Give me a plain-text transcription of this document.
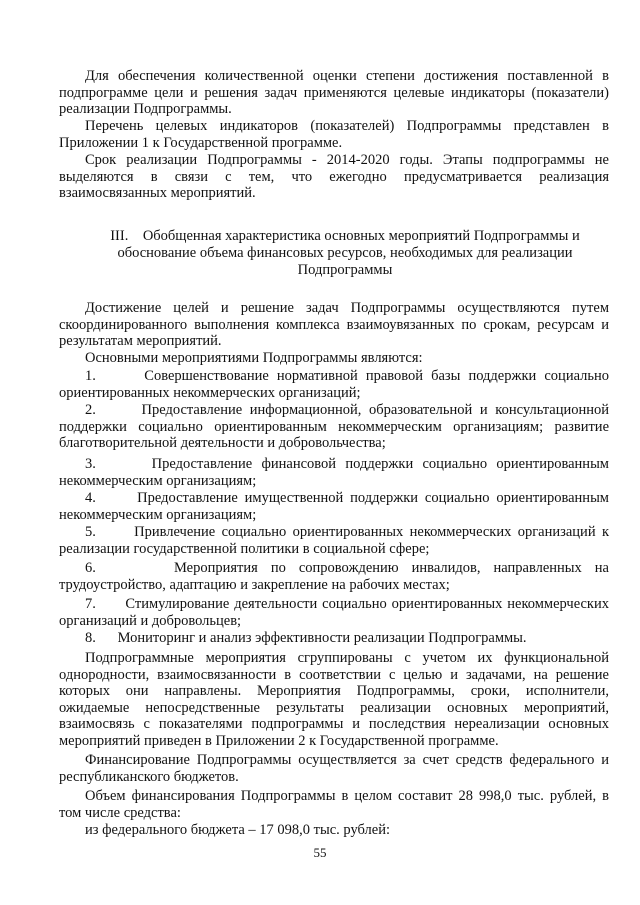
Для обеспечения количественной оценки степени достижения поставленной в подпрограмме цели и решения задач применяются целевые индикаторы (показатели) реализации Подпрограммы.

Перечень целевых индикаторов (показателей) Подпрограммы представлен в Приложении 1 к Государственной программе.

Срок реализации Подпрограммы - 2014-2020 годы. Этапы подпрограммы не выделяются в связи с тем, что ежегодно предусматривается реализация взаимосвязанных мероприятий.

III.    Обобщенная характеристика основных мероприятий Подпрограммы и
обоснование объема финансовых ресурсов, необходимых для реализации
Подпрограммы

Достижение целей и решение задач Подпрограммы осуществляются путем скоординированного выполнения комплекса взаимоувязанных по срокам, ресурсам и результатам мероприятий.

Основными мероприятиями Подпрограммы являются:

1.      Совершенствование нормативной правовой базы поддержки социально ориентированных некоммерческих организаций;

2.      Предоставление информационной, образовательной и консультационной поддержки социально ориентированным некоммерческим организациям; развитие благотворительной деятельности и добровольчества;

3.      Предоставление финансовой поддержки социально ориентированным некоммерческим организациям;

4.      Предоставление имущественной поддержки социально ориентированным некоммерческим организациям;

5.      Привлечение социально ориентированных некоммерческих организаций к реализации государственной политики в социальной сфере;

6.      Мероприятия по сопровождению инвалидов, направленных на трудоустройство, адаптацию и закрепление на рабочих местах;

7.      Стимулирование деятельности социально ориентированных некоммерческих организаций и добровольцев;

8.      Мониторинг и анализ эффективности реализации Подпрограммы.

Подпрограммные мероприятия сгруппированы с учетом их функциональной однородности, взаимосвязанности в соответствии с целью и задачами, на решение которых они направлены. Мероприятия Подпрограммы, сроки, исполнители, ожидаемые непосредственные результаты реализации основных мероприятий, взаимосвязь с показателями подпрограммы и последствия нереализации основных мероприятий приведен в Приложении 2 к Государственной программе.

Финансирование Подпрограммы осуществляется за счет средств федерального и республиканского бюджетов.

Объем финансирования Подпрограммы в целом составит 28 998,0 тыс. рублей, в том числе средства:

из федерального бюджета – 17 098,0 тыс. рублей:

55
